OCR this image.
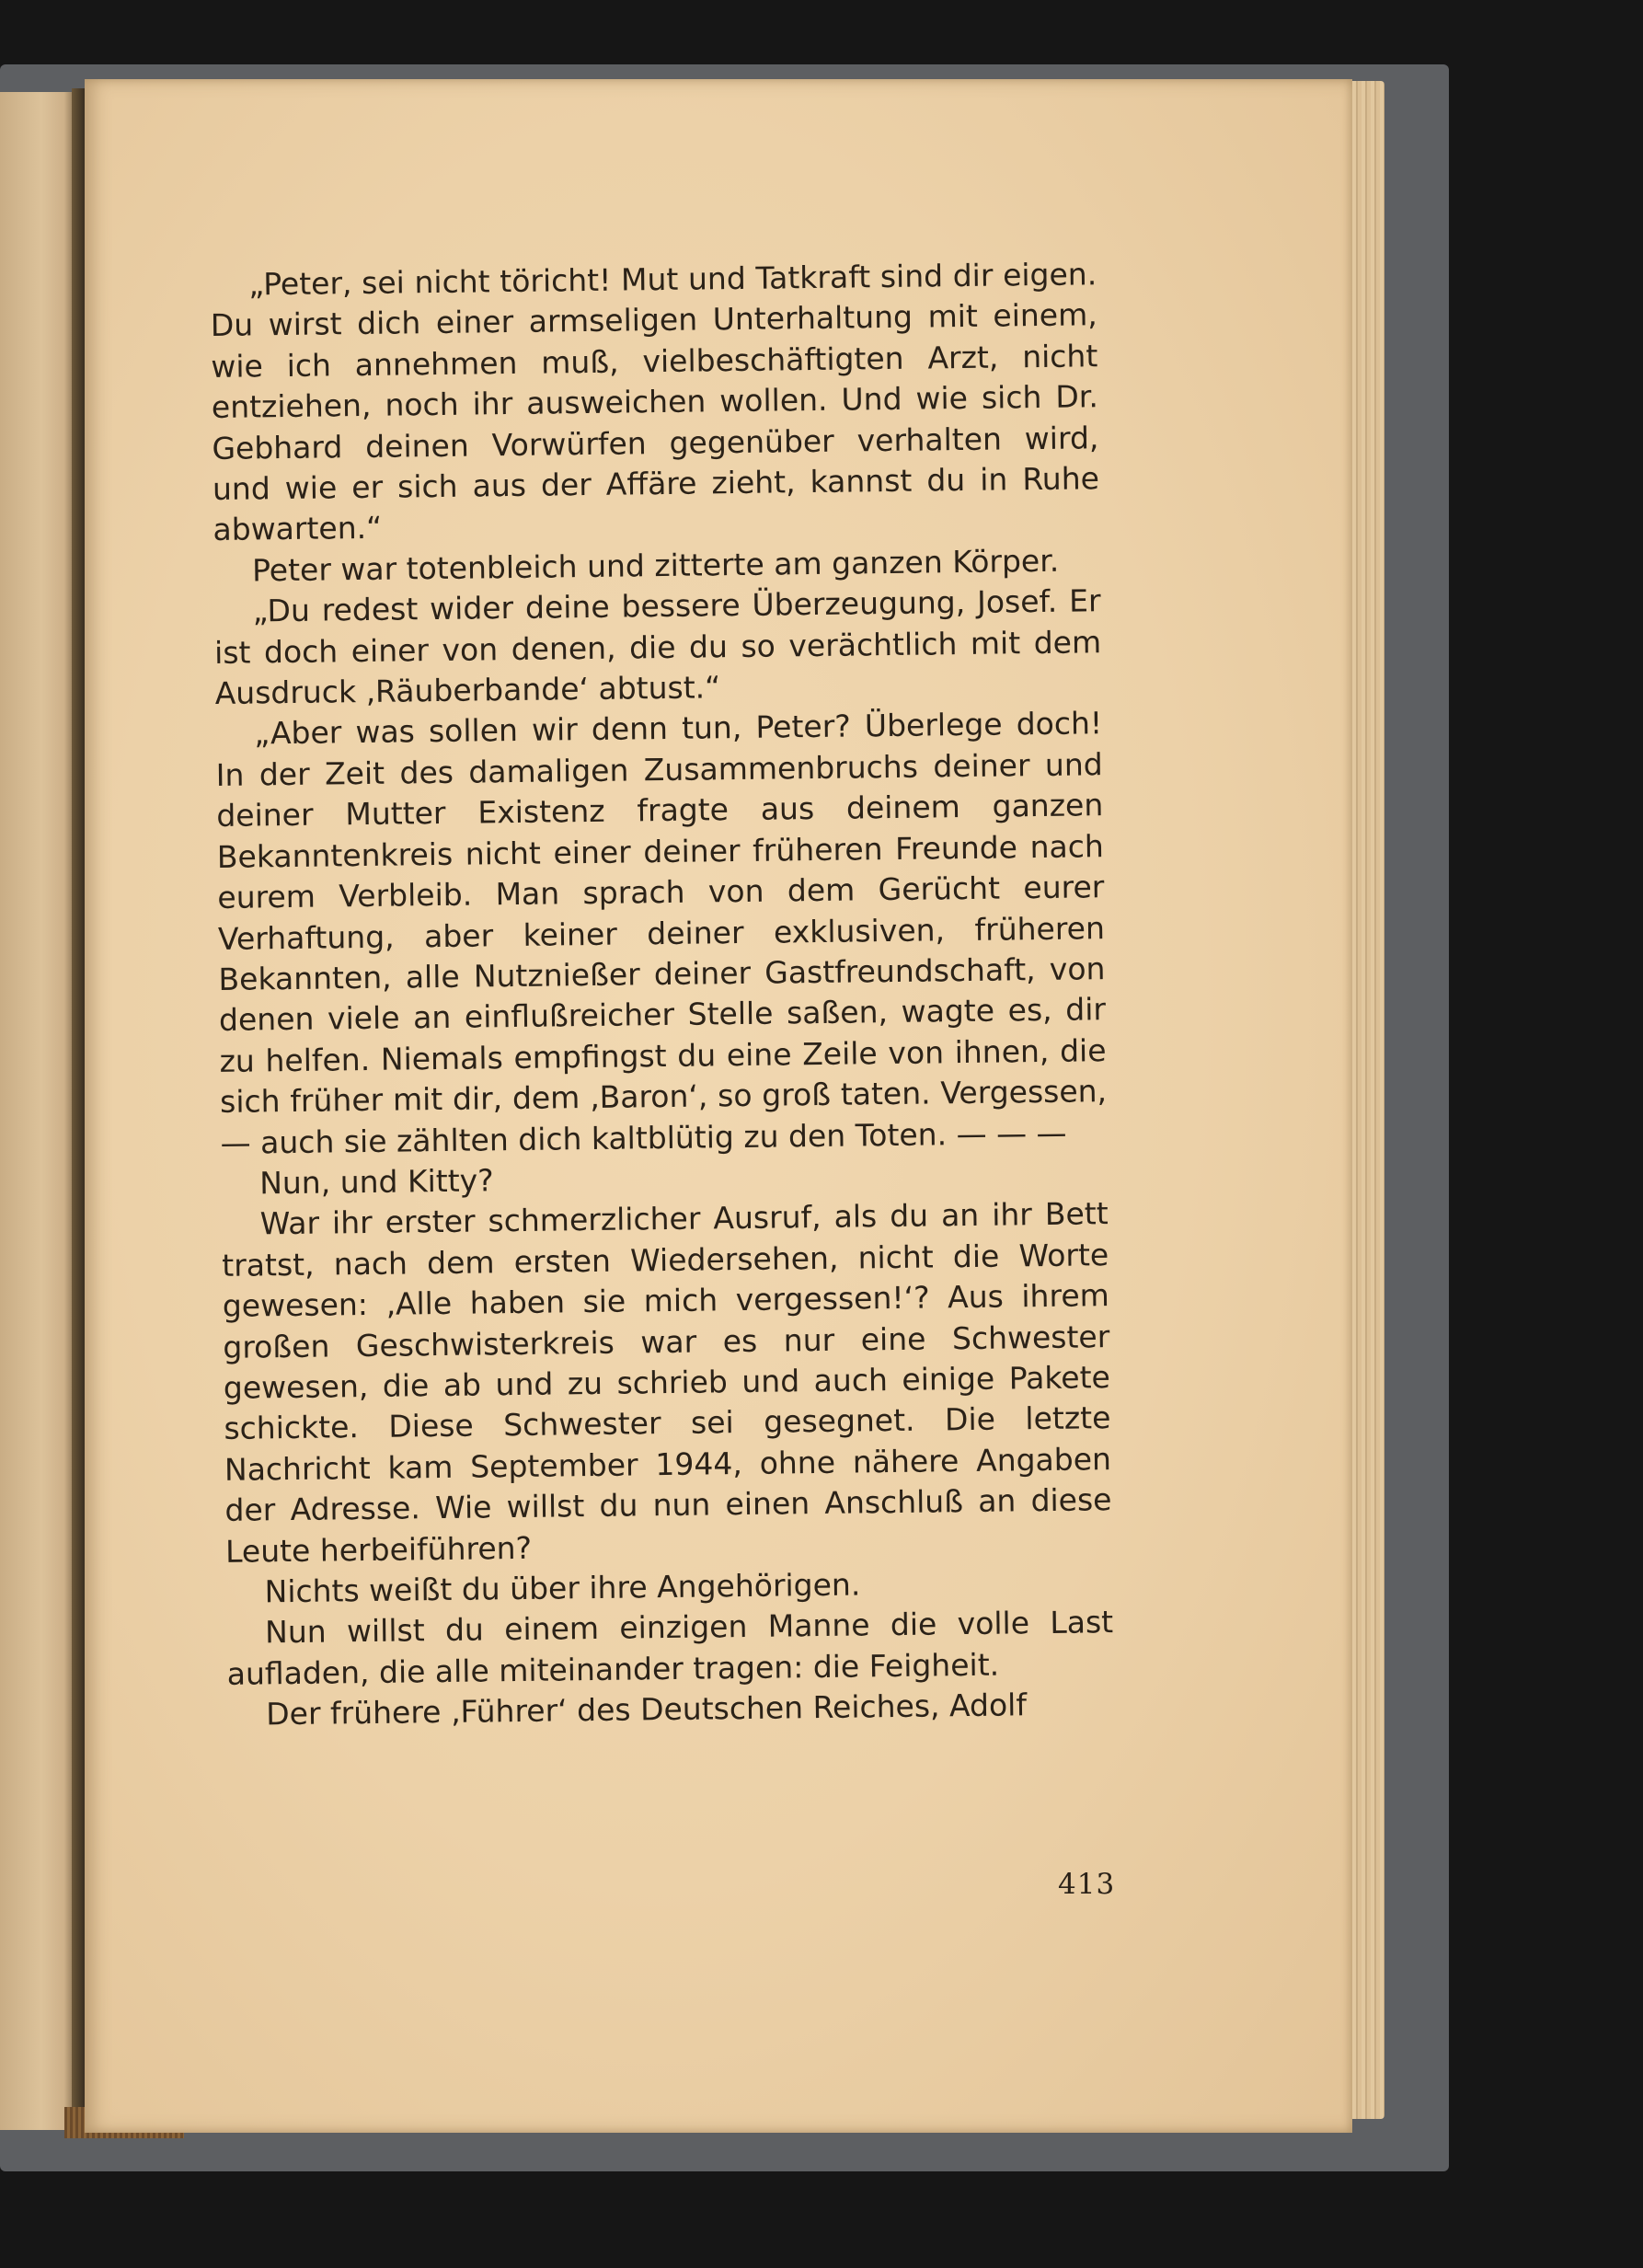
„Peter, sei nicht töricht! Mut und Tatkraft sind dir eigen. Du wirst dich einer armseligen Unterhaltung mit einem, wie ich annehmen muß, vielbeschäftigten Arzt, nicht entziehen, noch ihr ausweichen wollen. Und wie sich Dr. Gebhard deinen Vorwürfen gegenüber verhalten wird, und wie er sich aus der Affäre zieht, kannst du in Ruhe abwarten.“

Peter war totenbleich und zitterte am ganzen Körper.

„Du redest wider deine bessere Überzeugung, Josef. Er ist doch einer von denen, die du so verächtlich mit dem Ausdruck ‚Räuberbande‘ abtust.“

„Aber was sollen wir denn tun, Peter? Überlege doch! In der Zeit des damaligen Zusammenbruchs deiner und deiner Mutter Existenz fragte aus deinem ganzen Bekanntenkreis nicht einer deiner früheren Freunde nach eurem Verbleib. Man sprach von dem Gerücht eurer Verhaftung, aber keiner deiner exklusiven, früheren Bekannten, alle Nutznießer deiner Gastfreundschaft, von denen viele an einflußreicher Stelle saßen, wagte es, dir zu helfen. Niemals empfingst du eine Zeile von ihnen, die sich früher mit dir, dem ‚Baron‘, so groß taten. Vergessen, — auch sie zählten dich kaltblütig zu den Toten. — — —

Nun, und Kitty?

War ihr erster schmerzlicher Ausruf, als du an ihr Bett tratst, nach dem ersten Wiedersehen, nicht die Worte gewesen: ‚Alle haben sie mich vergessen!‘? Aus ihrem großen Geschwisterkreis war es nur eine Schwester gewesen, die ab und zu schrieb und auch einige Pakete schickte. Diese Schwester sei gesegnet. Die letzte Nachricht kam September 1944, ohne nähere Angaben der Adresse. Wie willst du nun einen Anschluß an diese Leute herbeiführen?

Nichts weißt du über ihre Angehörigen.

Nun willst du einem einzigen Manne die volle Last aufladen, die alle miteinander tragen: die Feigheit.

Der frühere ‚Führer‘ des Deutschen Reiches, Adolf

413
